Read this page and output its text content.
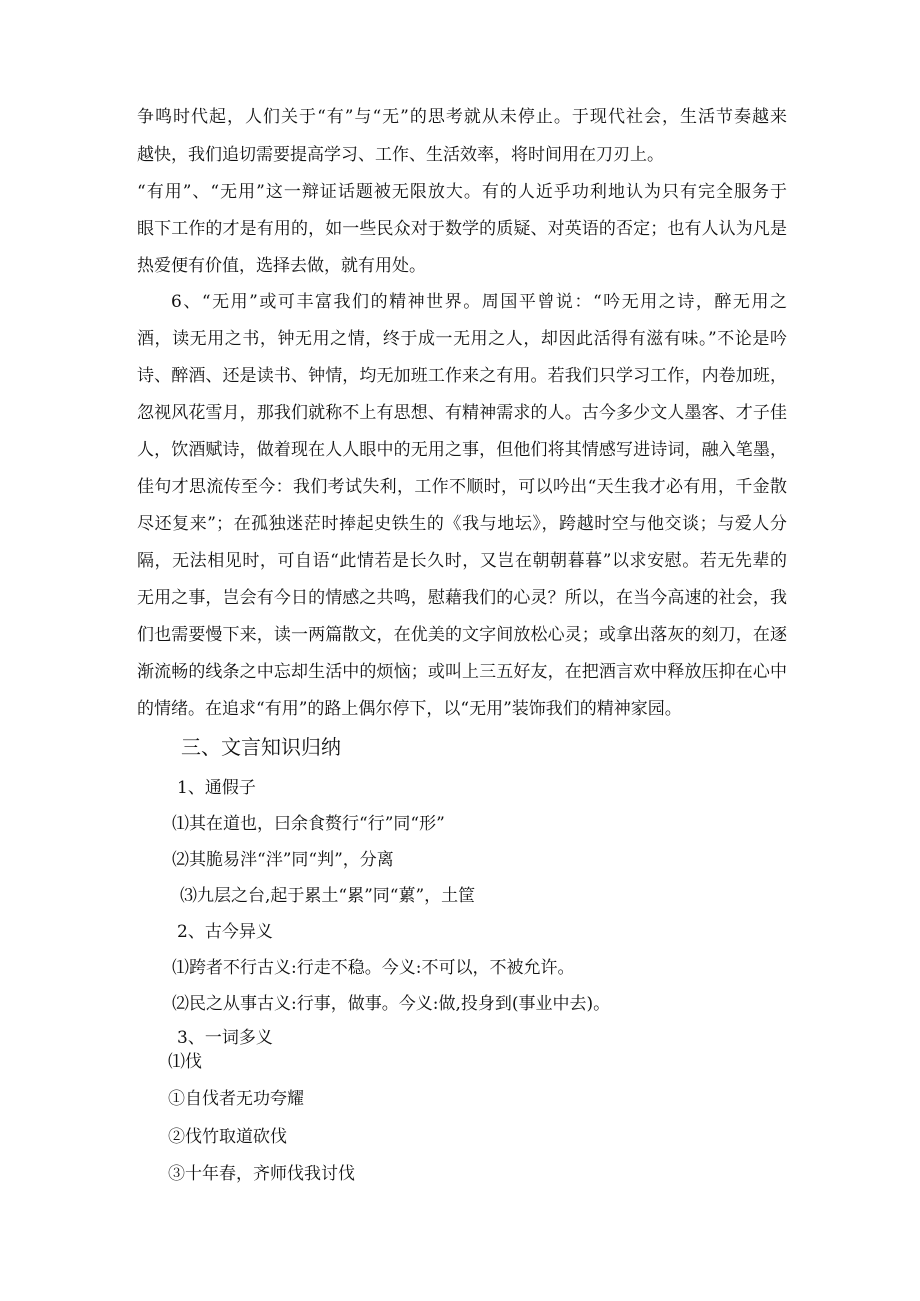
争鸣时代起，人们关于“有”与“无”的思考就从未停止。于现代社会，生活节奏越来
越快，我们追切需要提高学习、工作、生活效率，将时间用在刀刃上。
“有用”、“无用”这一辩证话题被无限放大。有的人近乎功利地认为只有完全服务于
眼下工作的才是有用的，如一些民众对于数学的质疑、对英语的否定；也有人认为凡是
热爱便有价值，选择去做，就有用处。
6、“无用”或可丰富我们的精神世界。周国平曾说：“吟无用之诗，醉无用之
酒，读无用之书，钟无用之情，终于成一无用之人，却因此活得有滋有味。”不论是吟
诗、醉酒、还是读书、钟情，均无加班工作来之有用。若我们只学习工作，内卷加班，
忽视风花雪月，那我们就称不上有思想、有精神需求的人。古今多少文人墨客、才子佳
人，饮酒赋诗，做着现在人人眼中的无用之事，但他们将其情感写进诗词，融入笔墨，
佳句才思流传至今：我们考试失利，工作不顺时，可以吟出“天生我才必有用，千金散
尽还复来”；在孤独迷茫时捧起史铁生的《我与地坛》，跨越时空与他交谈；与爱人分
隔，无法相见时，可自语“此情若是长久时，又岂在朝朝暮暮”以求安慰。若无先辈的
无用之事，岂会有今日的情感之共鸣，慰藉我们的心灵？所以，在当今高速的社会，我
们也需要慢下来，读一两篇散文，在优美的文字间放松心灵；或拿出落灰的刻刀，在逐
渐流畅的线条之中忘却生活中的烦恼；或叫上三五好友，在把酒言欢中释放压抑在心中
的情绪。在追求“有用”的路上偶尔停下，以“无用”装饰我们的精神家园。
三、文言知识归纳
1、通假子
⑴其在道也，曰余食赘行“行”同“形”
⑵其脆易泮“泮”同“判”，分离
⑶九层之台,起于累土“累”同“蔂”，土筐
2、古今异义
⑴跨者不行古义:行走不稳。今义:不可以，不被允许。
⑵民之从事古义:行事，做事。今义:做,投身到(事业中去)。
3、一词多义
⑴伐
①自伐者无功夸耀
②伐竹取道砍伐
③十年春，齐师伐我讨伐
